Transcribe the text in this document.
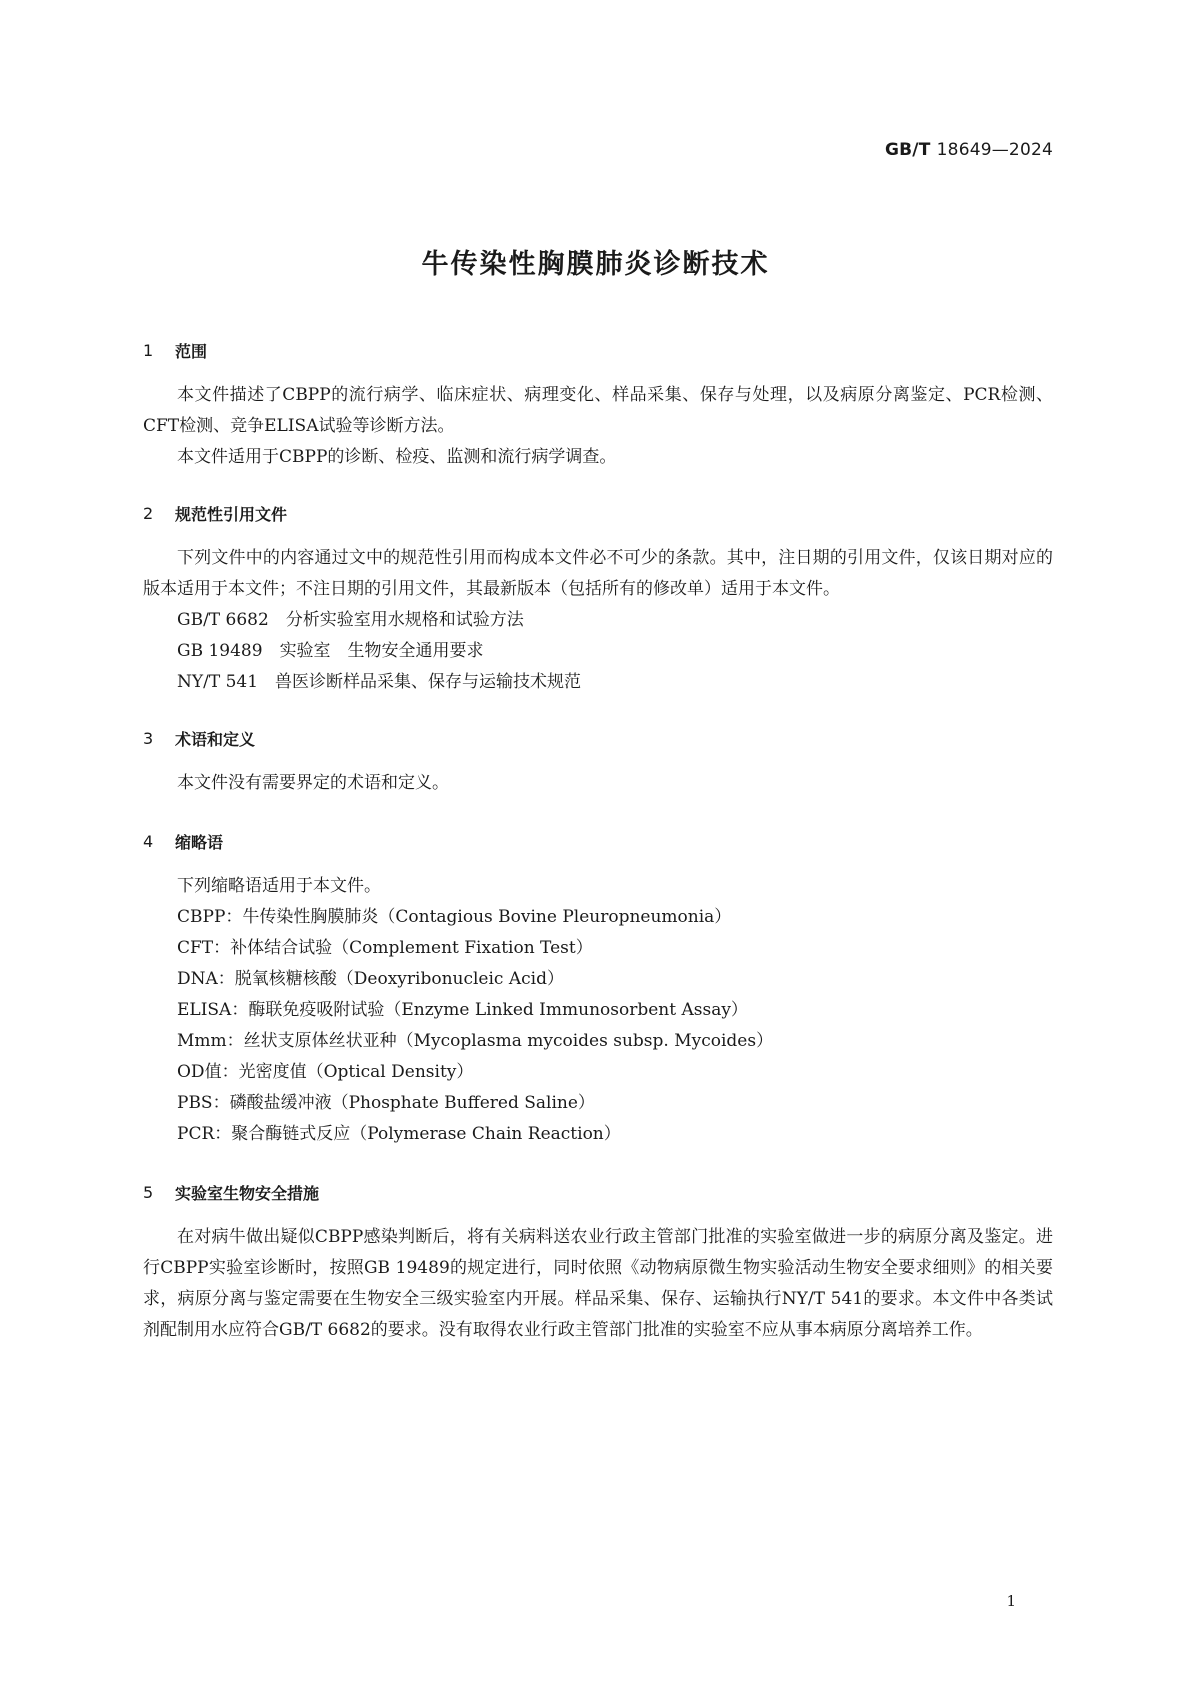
GB/T 18649—2024
牛传染性胸膜肺炎诊断技术
1	范围

本文件描述了CBPP的流行病学、临床症状、病理变化、样品采集、保存与处理，以及病原分离鉴定、PCR检测、CFT检测、竞争ELISA试验等诊断方法。

本文件适用于CBPP的诊断、检疫、监测和流行病学调查。

2	规范性引用文件

下列文件中的内容通过文中的规范性引用而构成本文件必不可少的条款。其中，注日期的引用文件，仅该日期对应的版本适用于本文件；不注日期的引用文件，其最新版本（包括所有的修改单）适用于本文件。

GB/T 6682 分析实验室用水规格和试验方法

GB 19489 实验室　生物安全通用要求

NY/T 541 兽医诊断样品采集、保存与运输技术规范

3	术语和定义

本文件没有需要界定的术语和定义。

4	缩略语

下列缩略语适用于本文件。

CBPP：牛传染性胸膜肺炎（Contagious Bovine Pleuropneumonia）

CFT：补体结合试验（Complement Fixation Test）

DNA：脱氧核糖核酸（Deoxyribonucleic Acid）

ELISA：酶联免疫吸附试验（Enzyme Linked Immunosorbent Assay）

Mmm：丝状支原体丝状亚种（Mycoplasma mycoides subsp. Mycoides）

OD值：光密度值（Optical Density）

PBS：磷酸盐缓冲液（Phosphate Buffered Saline）

PCR：聚合酶链式反应（Polymerase Chain Reaction）

5	实验室生物安全措施

在对病牛做出疑似CBPP感染判断后，将有关病料送农业行政主管部门批准的实验室做进一步的病原分离及鉴定。进行CBPP实验室诊断时，按照GB 19489的规定进行，同时依照《动物病原微生物实验活动生物安全要求细则》的相关要求，病原分离与鉴定需要在生物安全三级实验室内开展。样品采集、保存、运输执行NY/T 541的要求。本文件中各类试剂配制用水应符合GB/T 6682的要求。没有取得农业行政主管部门批准的实验室不应从事本病原分离培养工作。

1
